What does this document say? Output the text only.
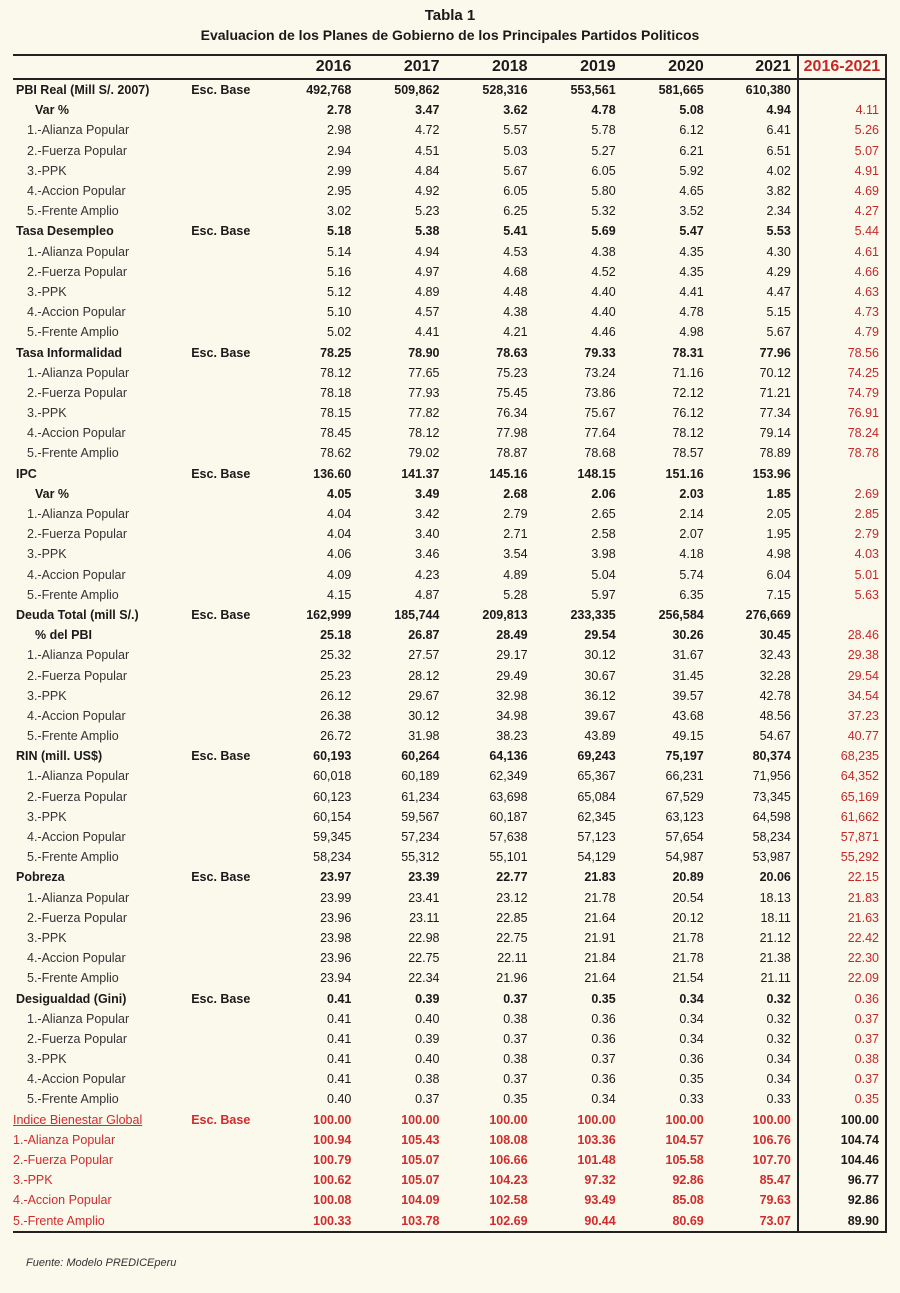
Tabla 1
Evaluacion de los Planes de Gobierno de los Principales Partidos Politicos
		2016	2017	2018	2019	2020	2021	2016-2021
PBI Real (Mill S/. 2007)	Esc. Base	492,768	509,862	528,316	553,561	581,665	610,380	
Var %		2.78	3.47	3.62	4.78	5.08	4.94	4.11
1.-Alianza Popular		2.98	4.72	5.57	5.78	6.12	6.41	5.26
2.-Fuerza Popular		2.94	4.51	5.03	5.27	6.21	6.51	5.07
3.-PPK		2.99	4.84	5.67	6.05	5.92	4.02	4.91
4.-Accion Popular		2.95	4.92	6.05	5.80	4.65	3.82	4.69
5.-Frente Amplio		3.02	5.23	6.25	5.32	3.52	2.34	4.27
Tasa Desempleo	Esc. Base	5.18	5.38	5.41	5.69	5.47	5.53	5.44
1.-Alianza Popular		5.14	4.94	4.53	4.38	4.35	4.30	4.61
2.-Fuerza Popular		5.16	4.97	4.68	4.52	4.35	4.29	4.66
3.-PPK		5.12	4.89	4.48	4.40	4.41	4.47	4.63
4.-Accion Popular		5.10	4.57	4.38	4.40	4.78	5.15	4.73
5.-Frente Amplio		5.02	4.41	4.21	4.46	4.98	5.67	4.79
Tasa Informalidad	Esc. Base	78.25	78.90	78.63	79.33	78.31	77.96	78.56
1.-Alianza Popular		78.12	77.65	75.23	73.24	71.16	70.12	74.25
2.-Fuerza Popular		78.18	77.93	75.45	73.86	72.12	71.21	74.79
3.-PPK		78.15	77.82	76.34	75.67	76.12	77.34	76.91
4.-Accion Popular		78.45	78.12	77.98	77.64	78.12	79.14	78.24
5.-Frente Amplio		78.62	79.02	78.87	78.68	78.57	78.89	78.78
IPC	Esc. Base	136.60	141.37	145.16	148.15	151.16	153.96	
Var %		4.05	3.49	2.68	2.06	2.03	1.85	2.69
1.-Alianza Popular		4.04	3.42	2.79	2.65	2.14	2.05	2.85
2.-Fuerza Popular		4.04	3.40	2.71	2.58	2.07	1.95	2.79
3.-PPK		4.06	3.46	3.54	3.98	4.18	4.98	4.03
4.-Accion Popular		4.09	4.23	4.89	5.04	5.74	6.04	5.01
5.-Frente Amplio		4.15	4.87	5.28	5.97	6.35	7.15	5.63
Deuda Total (mill S/.)	Esc. Base	162,999	185,744	209,813	233,335	256,584	276,669	
% del PBI		25.18	26.87	28.49	29.54	30.26	30.45	28.46
1.-Alianza Popular		25.32	27.57	29.17	30.12	31.67	32.43	29.38
2.-Fuerza Popular		25.23	28.12	29.49	30.67	31.45	32.28	29.54
3.-PPK		26.12	29.67	32.98	36.12	39.57	42.78	34.54
4.-Accion Popular		26.38	30.12	34.98	39.67	43.68	48.56	37.23
5.-Frente Amplio		26.72	31.98	38.23	43.89	49.15	54.67	40.77
RIN (mill. US$)	Esc. Base	60,193	60,264	64,136	69,243	75,197	80,374	68,235
1.-Alianza Popular		60,018	60,189	62,349	65,367	66,231	71,956	64,352
2.-Fuerza Popular		60,123	61,234	63,698	65,084	67,529	73,345	65,169
3.-PPK		60,154	59,567	60,187	62,345	63,123	64,598	61,662
4.-Accion Popular		59,345	57,234	57,638	57,123	57,654	58,234	57,871
5.-Frente Amplio		58,234	55,312	55,101	54,129	54,987	53,987	55,292
Pobreza	Esc. Base	23.97	23.39	22.77	21.83	20.89	20.06	22.15
1.-Alianza Popular		23.99	23.41	23.12	21.78	20.54	18.13	21.83
2.-Fuerza Popular		23.96	23.11	22.85	21.64	20.12	18.11	21.63
3.-PPK		23.98	22.98	22.75	21.91	21.78	21.12	22.42
4.-Accion Popular		23.96	22.75	22.11	21.84	21.78	21.38	22.30
5.-Frente Amplio		23.94	22.34	21.96	21.64	21.54	21.11	22.09
Desigualdad (Gini)	Esc. Base	0.41	0.39	0.37	0.35	0.34	0.32	0.36
1.-Alianza Popular		0.41	0.40	0.38	0.36	0.34	0.32	0.37
2.-Fuerza Popular		0.41	0.39	0.37	0.36	0.34	0.32	0.37
3.-PPK		0.41	0.40	0.38	0.37	0.36	0.34	0.38
4.-Accion Popular		0.41	0.38	0.37	0.36	0.35	0.34	0.37
5.-Frente Amplio		0.40	0.37	0.35	0.34	0.33	0.33	0.35
Indice Bienestar Global	Esc. Base	100.00	100.00	100.00	100.00	100.00	100.00	100.00
1.-Alianza Popular		100.94	105.43	108.08	103.36	104.57	106.76	104.74
2.-Fuerza Popular		100.79	105.07	106.66	101.48	105.58	107.70	104.46
3.-PPK		100.62	105.07	104.23	97.32	92.86	85.47	96.77
4.-Accion Popular		100.08	104.09	102.58	93.49	85.08	79.63	92.86
5.-Frente Amplio		100.33	103.78	102.69	90.44	80.69	73.07	89.90
Fuente: Modelo PREDICEperu
